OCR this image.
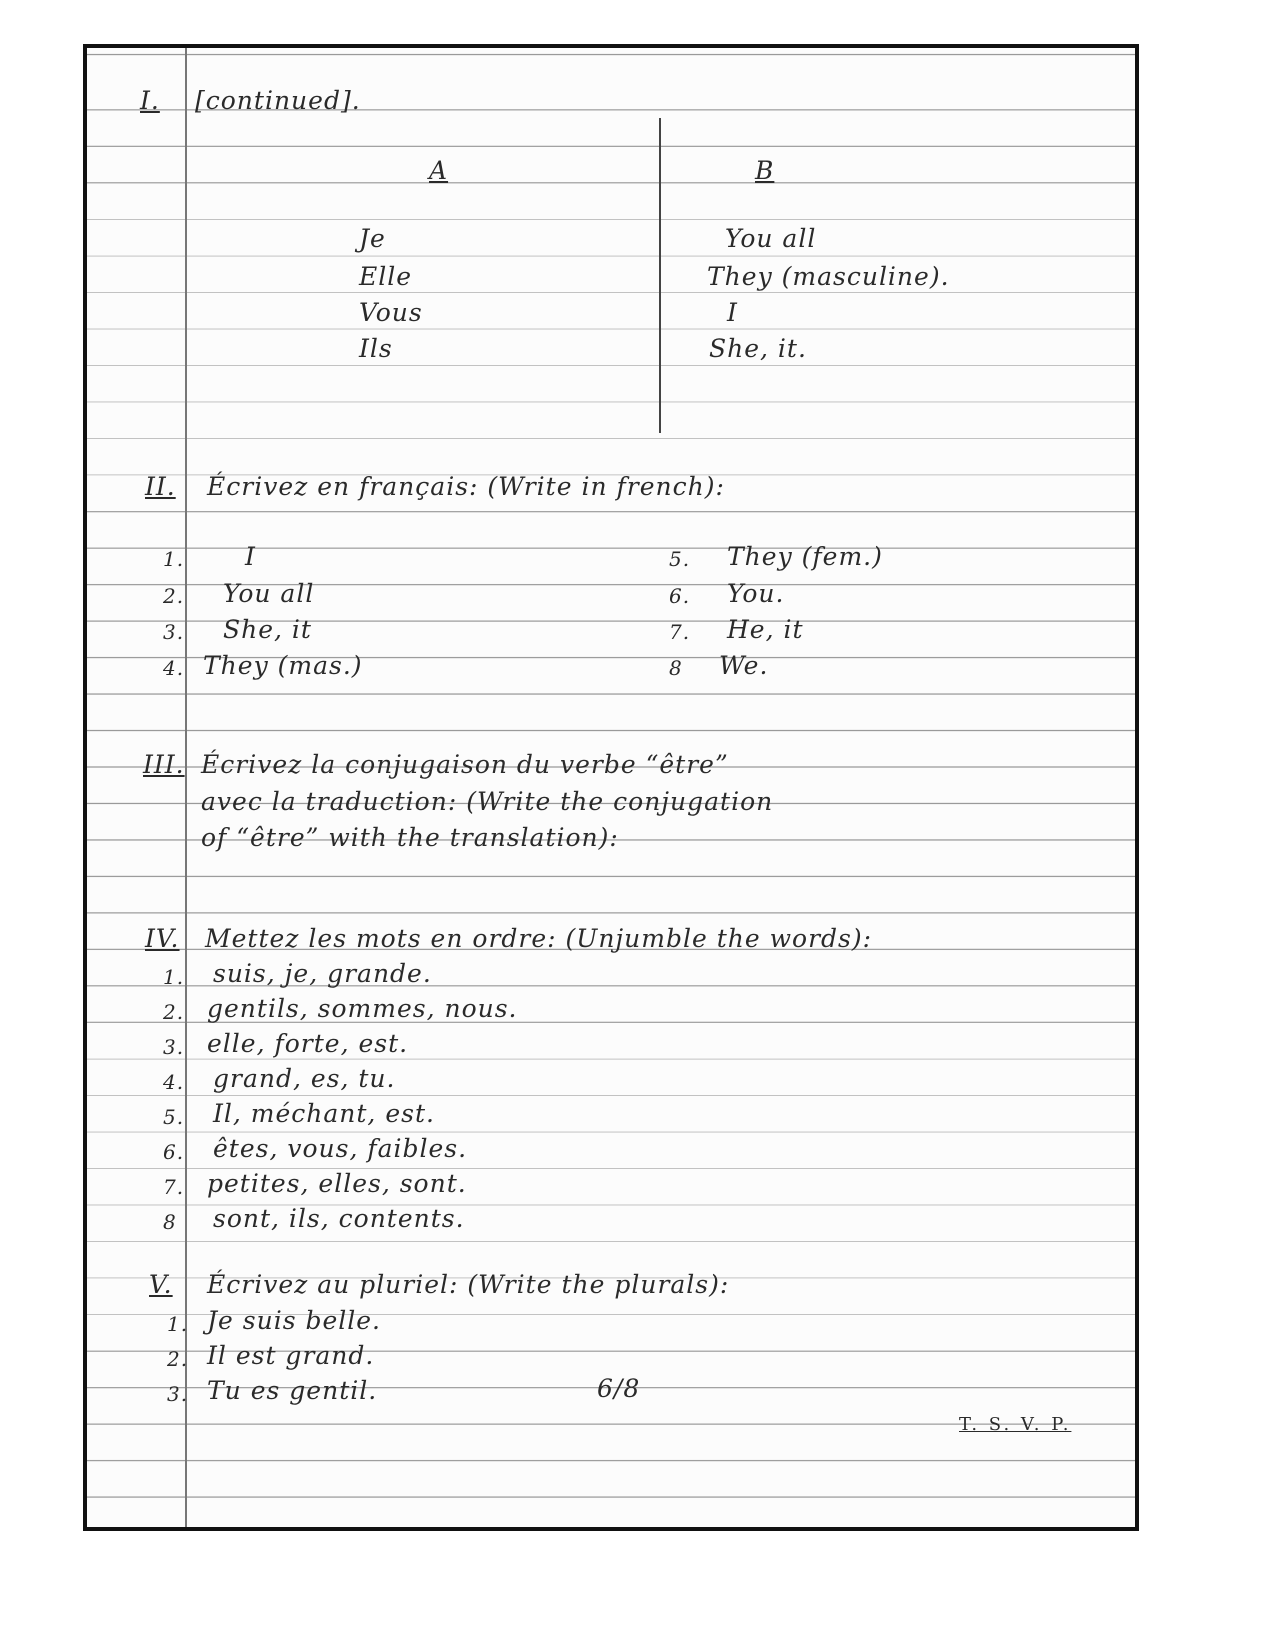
I. [continued].
A	B
Je
Elle
Vous
Ils
You all
They (masculine).
I
She, it.
II. Écrivez en français: (Write in french):
1. I
2. You all
3. She, it
4. They (mas.)
5. They (fem.)
6. You.
7. He, it
8 We.
III. Écrivez la conjugaison du verbe “être”
avec la traduction: (Write the conjugation
of “être” with the translation):
IV. Mettez les mots en ordre: (Unjumble the words):
1. suis, je, grande.
2. gentils, sommes, nous.
3. elle, forte, est.
4. grand, es, tu.
5. Il, méchant, est.
6. êtes, vous, faibles.
7. petites, elles, sont.
8 sont, ils, contents.
V. Écrivez au pluriel: (Write the plurals):
1. Je suis belle.
2. Il est grand.
3. Tu es gentil.	6/8
T. S. V. P.
